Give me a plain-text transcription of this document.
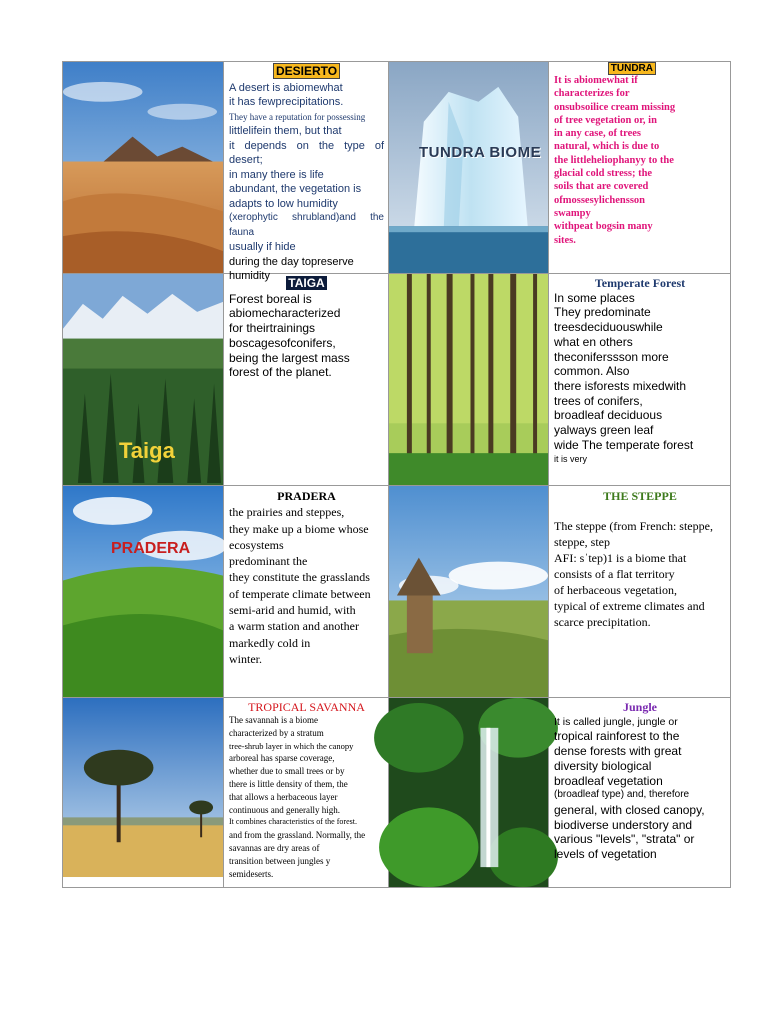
DESIERTO

A desert is abiomewhat

it has fewprecipitations.

They have a reputation for possessing

littlelifein them, but that

it depends on the type of desert;

in many there is life

abundant, the vegetation is

adapts to low humidity

(xerophytic shrubland)and the fauna

usually if hide

during the day topreserve

humidity

TUNDRA BIOME
TUNDRA

It is abiomewhat if

characterizes for

onsubsoilice cream missing

of tree vegetation or, in

in any case, of trees

natural, which is due to

the littleheliophanyy to the

glacial cold stress; the

soils that are covered

ofmossesylichensson

swampy

withpeat bogsin many

sites.

Taiga
TAIGA

Forest boreal is

abiomecharacterized

for theirtrainings

boscagesofconifers,

being the largest mass

forest of the planet.

Temperate Forest

In some places

They predominate

treesdeciduouswhile

what en others

theconiferssson more

common. Also

there isforests mixedwith

trees of conifers,

broadleaf deciduous

yalways green leaf

wide The temperate forest

it is very

PRADERA
PRADERA

the prairies and steppes,

they make up a biome whose

ecosystems

predominant the

they constitute the grasslands

of temperate climate between

semi-arid and humid, with

a warm station and another

markedly cold in

winter.

THE STEPPE

The steppe (from French: steppe,

steppe, step

AFI: sˈtep)1 is a biome that

consists of a flat territory

of herbaceous vegetation,

typical of extreme climates and

scarce precipitation.

TROPICAL SAVANNA

The savannah is a biome

characterized by a stratum

tree-shrub layer in which the canopy

arboreal has sparse coverage,

whether due to small trees or by

there is little density of them, the

that allows a herbaceous layer

continuous and generally high.

It combines characteristics of the forest.

and from the grassland. Normally, the

savannas are dry areas of

transition between jungles y

semideserts.

Jungle

It is called jungle, jungle or

tropical rainforest to the

dense forests with great

diversity biological

broadleaf vegetation

(broadleaf type) and, therefore

general, with closed canopy,

biodiverse understory and

various "levels", "strata" or

levels of vegetation
